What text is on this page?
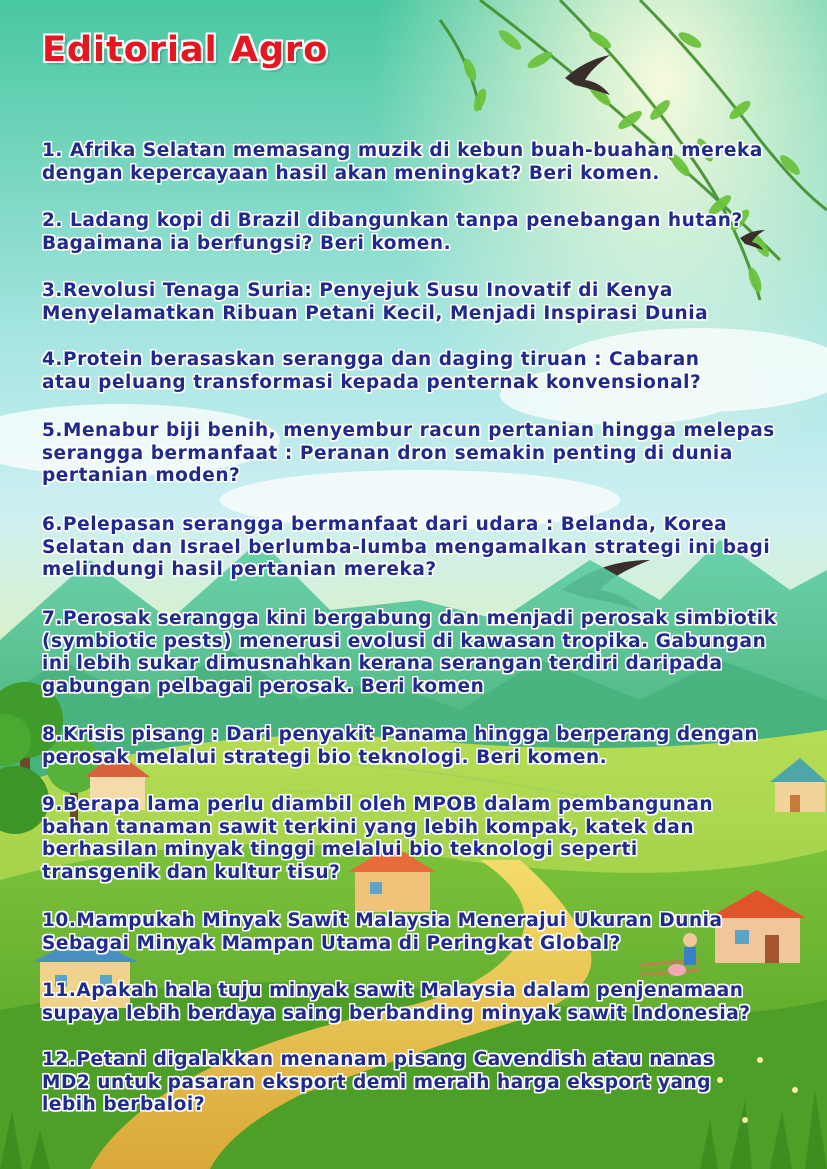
Editorial Agro

1. Afrika Selatan memasang muzik di kebun buah-buahan mereka
dengan kepercayaan hasil akan meningkat? Beri komen.

2. Ladang kopi di Brazil dibangunkan tanpa penebangan hutan?
Bagaimana ia berfungsi? Beri komen.

3.Revolusi Tenaga Suria: Penyejuk Susu Inovatif di Kenya
Menyelamatkan Ribuan Petani Kecil, Menjadi Inspirasi Dunia

4.Protein berasaskan serangga dan daging tiruan : Cabaran
atau peluang transformasi kepada penternak konvensional?

5.Menabur biji benih, menyembur racun pertanian hingga melepas
serangga bermanfaat : Peranan dron semakin penting di dunia
pertanian moden?

6.Pelepasan serangga bermanfaat dari udara : Belanda, Korea
Selatan dan Israel berlumba-lumba mengamalkan strategi ini bagi
melindungi hasil pertanian mereka?

7.Perosak serangga kini bergabung dan menjadi perosak simbiotik
(symbiotic pests) menerusi evolusi di kawasan tropika. Gabungan
ini lebih sukar dimusnahkan kerana serangan terdiri daripada
gabungan pelbagai perosak. Beri komen

8.Krisis pisang : Dari penyakit Panama hingga berperang dengan
perosak melalui strategi bio teknologi. Beri komen.

9.Berapa lama perlu diambil oleh MPOB dalam pembangunan
bahan tanaman sawit terkini yang lebih kompak, katek dan
berhasilan minyak tinggi melalui bio teknologi seperti
transgenik dan kultur tisu?

10.Mampukah Minyak Sawit Malaysia Menerajui Ukuran Dunia
Sebagai Minyak Mampan Utama di Peringkat Global?

11.Apakah hala tuju minyak sawit Malaysia dalam penjenamaan
supaya lebih berdaya saing berbanding minyak sawit Indonesia?

12.Petani digalakkan menanam pisang Cavendish atau nanas
MD2 untuk pasaran eksport demi meraih harga eksport yang
lebih berbaloi?
